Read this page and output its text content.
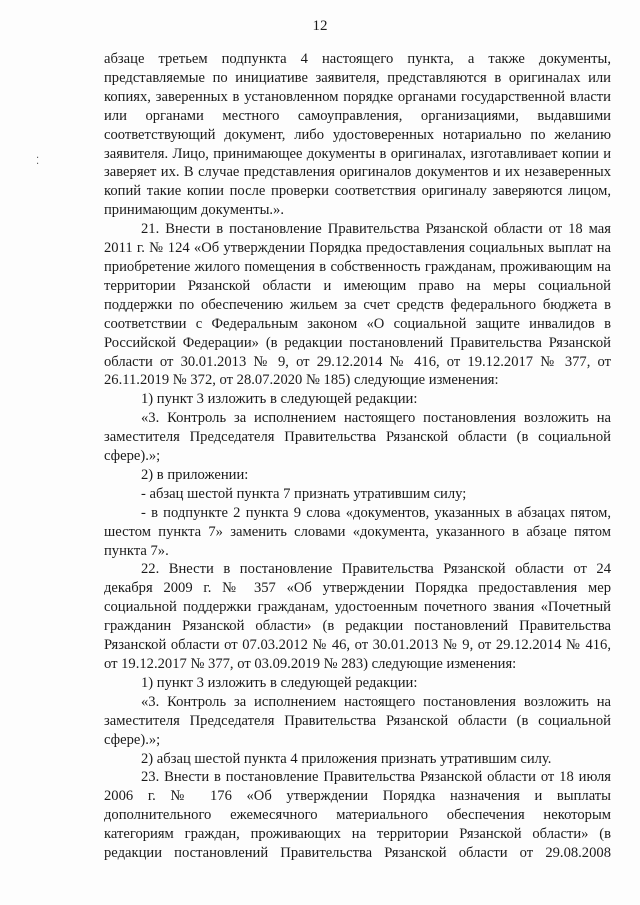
12
⁚

абзаце третьем подпункта 4 настоящего пункта, а также документы, представляемые по инициативе заявителя, представляются в оригиналах или копиях, заверенных в установленном порядке органами государственной власти или органами местного самоуправления, организациями, выдавшими соответствующий документ, либо удостоверенных нотариально по желанию заявителя. Лицо, принимающее документы в оригиналах, изготавливает копии и заверяет их. В случае представления оригиналов документов и их незаверенных копий такие копии после проверки соответствия оригиналу заверяются лицом, принимающим документы.».

21. Внести в постановление Правительства Рязанской области от 18 мая 2011 г. № 124 «Об утверждении Порядка предоставления социальных выплат на приобретение жилого помещения в собственность гражданам, проживающим на территории Рязанской области и имеющим право на меры социальной поддержки по обеспечению жильем за счет средств федерального бюджета в соответствии с Федеральным законом «О социальной защите инвалидов в Российской Федерации» (в редакции постановлений Правительства Рязанской области от 30.01.2013 № 9, от 29.12.2014 № 416, от 19.12.2017 № 377, от 26.11.2019 № 372, от 28.07.2020 № 185) следующие изменения:

1) пункт 3 изложить в следующей редакции:

«3. Контроль за исполнением настоящего постановления возложить на заместителя Председателя Правительства Рязанской области (в социальной сфере).»;

2) в приложении:

- абзац шестой пункта 7 признать утратившим силу;

- в подпункте 2 пункта 9 слова «документов, указанных в абзацах пятом, шестом пункта 7» заменить словами «документа, указанного в абзаце пятом пункта 7».

22. Внести в постановление Правительства Рязанской области от 24 декабря 2009 г. № 357 «Об утверждении Порядка предоставления мер социальной поддержки гражданам, удостоенным почетного звания «Почетный гражданин Рязанской области» (в редакции постановлений Правительства Рязанской области от 07.03.2012 № 46, от 30.01.2013 № 9, от 29.12.2014 № 416, от 19.12.2017 № 377, от 03.09.2019 № 283) следующие изменения:

1) пункт 3 изложить в следующей редакции:

«3. Контроль за исполнением настоящего постановления возложить на заместителя Председателя Правительства Рязанской области (в социальной сфере).»;

2) абзац шестой пункта 4 приложения признать утратившим силу.

23. Внести в постановление Правительства Рязанской области от 18 июля 2006 г. № 176 «Об утверждении Порядка назначения и выплаты дополнительного ежемесячного материального обеспечения некоторым категориям граждан, проживающих на территории Рязанской области» (в редакции постановлений Правительства Рязанской области от 29.08.2008
